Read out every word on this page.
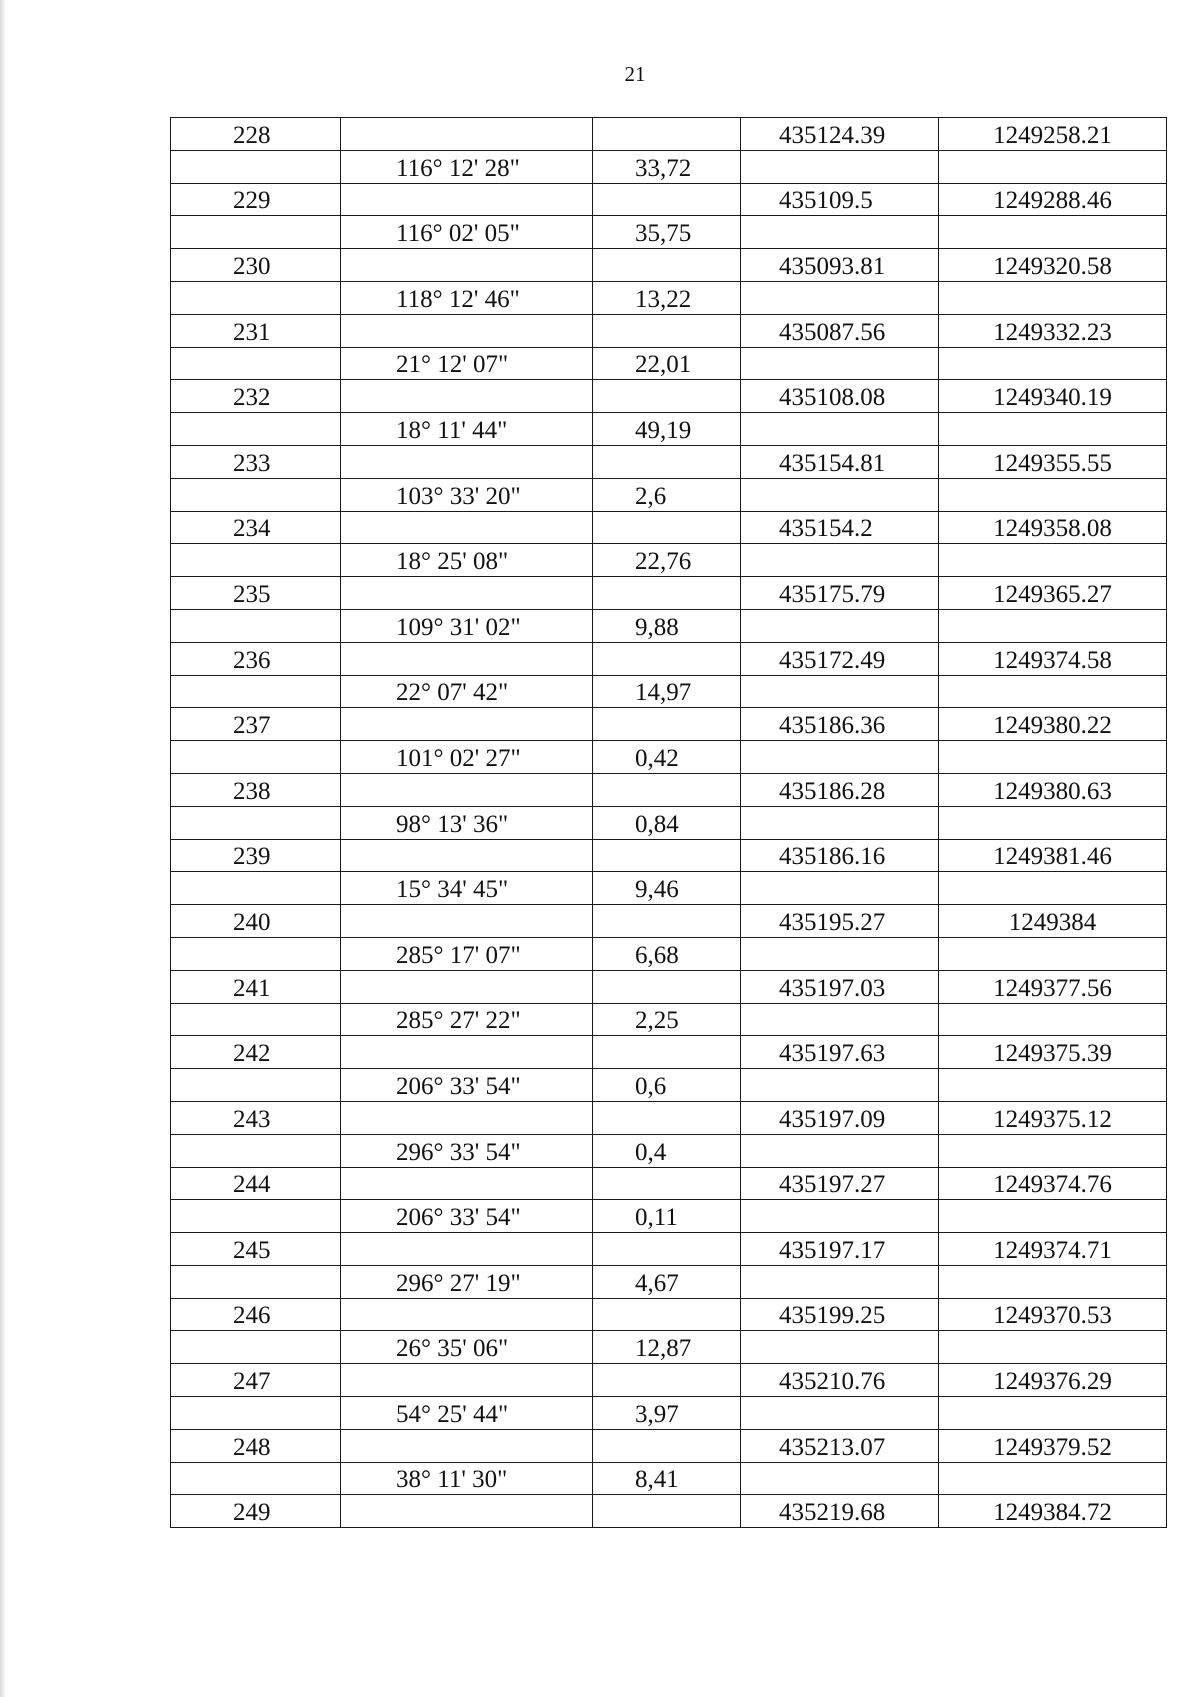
21
228			435124.39	1249258.21

	116° 12' 28"	33,72		

229			435109.5	1249288.46

	116° 02' 05"	35,75		

230			435093.81	1249320.58

	118° 12' 46"	13,22		

231			435087.56	1249332.23

	21° 12' 07"	22,01		

232			435108.08	1249340.19

	18° 11' 44"	49,19		

233			435154.81	1249355.55

	103° 33' 20"	2,6		

234			435154.2	1249358.08

	18° 25' 08"	22,76		

235			435175.79	1249365.27

	109° 31' 02"	9,88		

236			435172.49	1249374.58

	22° 07' 42"	14,97		

237			435186.36	1249380.22

	101° 02' 27"	0,42		

238			435186.28	1249380.63

	98° 13' 36"	0,84		

239			435186.16	1249381.46

	15° 34' 45"	9,46		

240			435195.27	1249384

	285° 17' 07"	6,68		

241			435197.03	1249377.56

	285° 27' 22"	2,25		

242			435197.63	1249375.39

	206° 33' 54"	0,6		

243			435197.09	1249375.12

	296° 33' 54"	0,4		

244			435197.27	1249374.76

	206° 33' 54"	0,11		

245			435197.17	1249374.71

	296° 27' 19"	4,67		

246			435199.25	1249370.53

	26° 35' 06"	12,87		

247			435210.76	1249376.29

	54° 25' 44"	3,97		

248			435213.07	1249379.52

	38° 11' 30"	8,41		

249			435219.68	1249384.72
